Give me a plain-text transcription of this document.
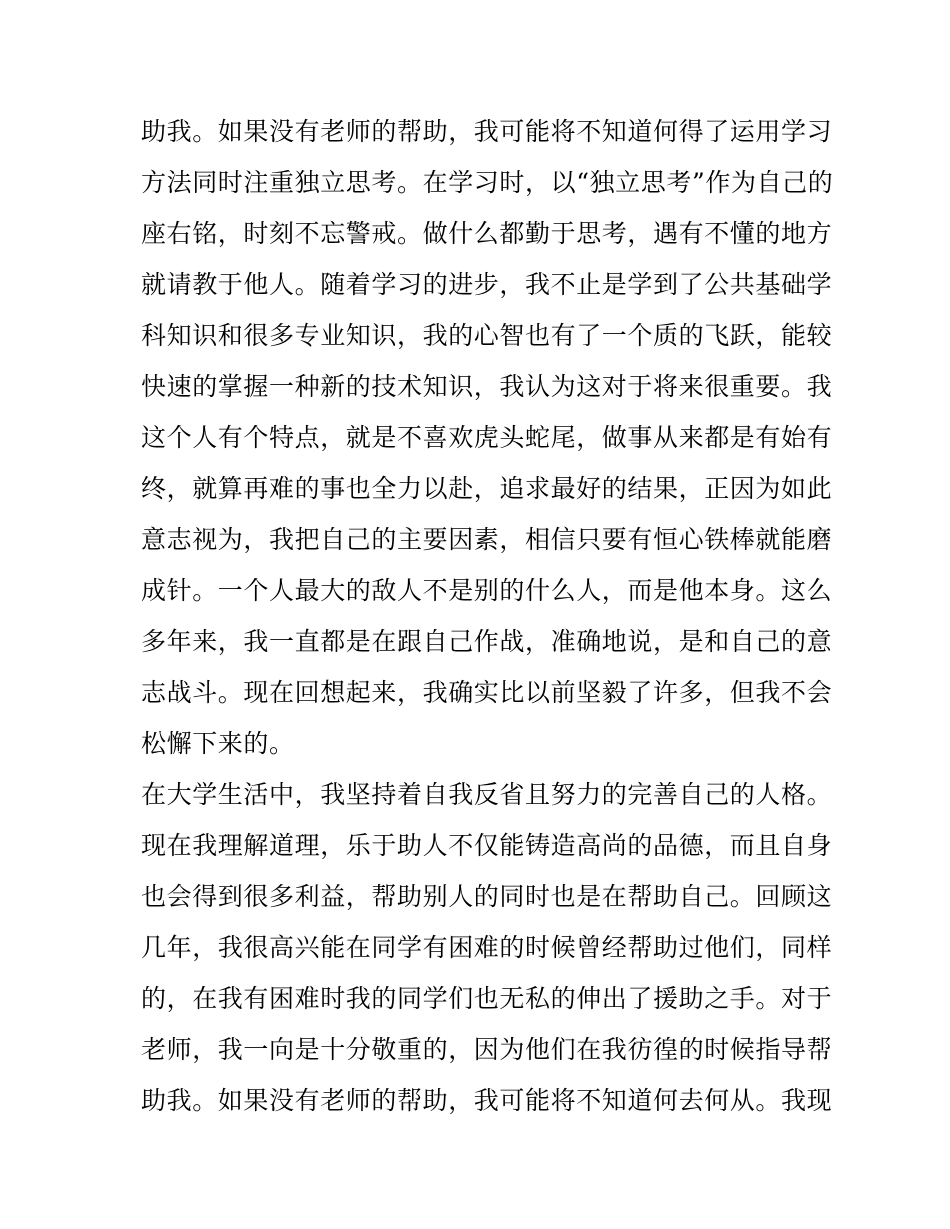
助我。如果没有老师的帮助，我可能将不知道何得了运用学习
方法同时注重独立思考。在学习时，以“独立思考”作为自己的
座右铭，时刻不忘警戒。做什么都勤于思考，遇有不懂的地方
就请教于他人。随着学习的进步，我不止是学到了公共基础学
科知识和很多专业知识，我的心智也有了一个质的飞跃，能较
快速的掌握一种新的技术知识，我认为这对于将来很重要。我
这个人有个特点，就是不喜欢虎头蛇尾，做事从来都是有始有
终，就算再难的事也全力以赴，追求最好的结果，正因为如此
意志视为，我把自己的主要因素，相信只要有恒心铁棒就能磨
成针。一个人最大的敌人不是别的什么人，而是他本身。这么
多年来，我一直都是在跟自己作战，准确地说，是和自己的意
志战斗。现在回想起来，我确实比以前坚毅了许多，但我不会
松懈下来的。
在大学生活中，我坚持着自我反省且努力的完善自己的人格。
现在我理解道理，乐于助人不仅能铸造高尚的品德，而且自身
也会得到很多利益，帮助别人的同时也是在帮助自己。回顾这
几年，我很高兴能在同学有困难的时候曾经帮助过他们，同样
的，在我有困难时我的同学们也无私的伸出了援助之手。对于
老师，我一向是十分敬重的，因为他们在我彷徨的时候指导帮
助我。如果没有老师的帮助，我可能将不知道何去何从。我现
